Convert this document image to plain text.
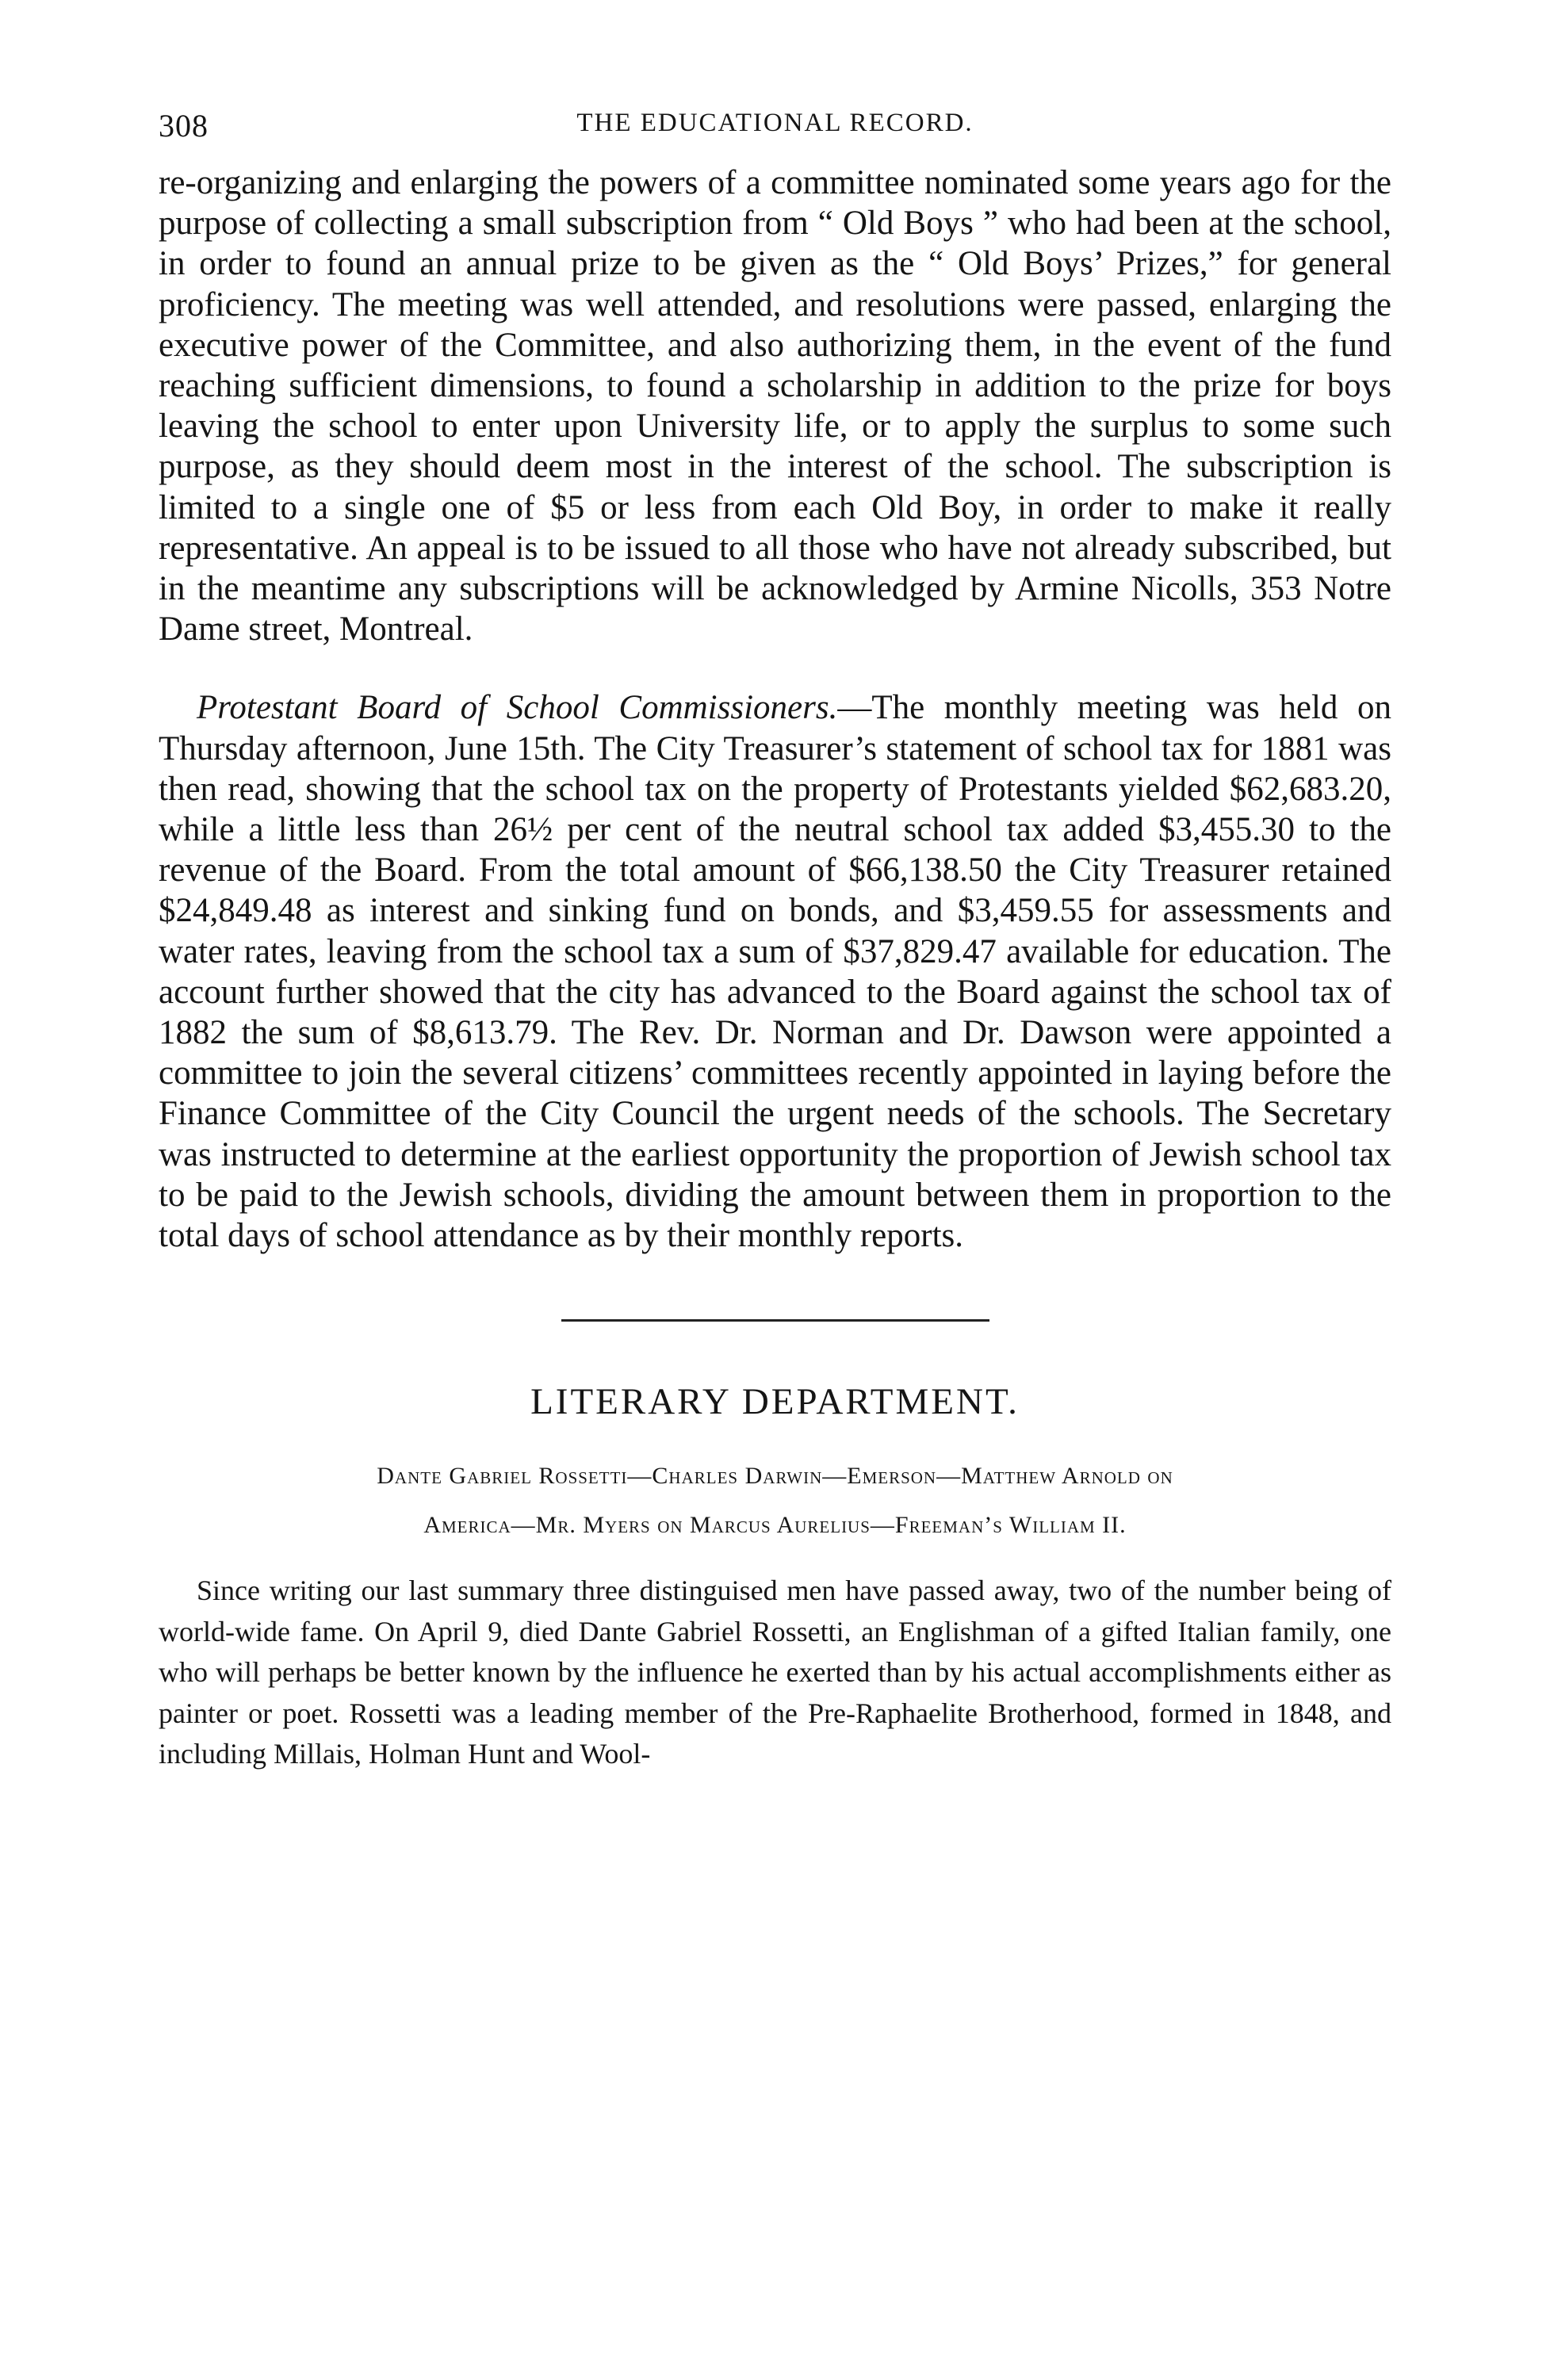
308	THE EDUCATIONAL RECORD.

re-organizing and enlarging the powers of a committee nominated some years ago for the purpose of collecting a small subscription from “ Old Boys ” who had been at the school, in order to found an annual prize to be given as the “ Old Boys’ Prizes,” for general proficiency. The meeting was well attended, and resolutions were passed, enlarging the executive power of the Committee, and also authorizing them, in the event of the fund reaching sufficient dimensions, to found a scholarship in addition to the prize for boys leaving the school to enter upon University life, or to apply the surplus to some such purpose, as they should deem most in the interest of the school. The subscription is limited to a single one of $5 or less from each Old Boy, in order to make it really representative. An appeal is to be issued to all those who have not already subscribed, but in the meantime any subscriptions will be acknowledged by Armine Nicolls, 353 Notre Dame street, Montreal.

Protestant Board of School Commissioners.—The monthly meeting was held on Thursday afternoon, June 15th. The City Treasurer’s statement of school tax for 1881 was then read, showing that the school tax on the property of Protestants yielded $62,683.20, while a little less than 26½ per cent of the neutral school tax added $3,455.30 to the revenue of the Board. From the total amount of $66,138.50 the City Treasurer retained $24,849.48 as interest and sinking fund on bonds, and $3,459.55 for assessments and water rates, leaving from the school tax a sum of $37,829.47 available for education. The account further showed that the city has advanced to the Board against the school tax of 1882 the sum of $8,613.79. The Rev. Dr. Norman and Dr. Dawson were appointed a committee to join the several citizens’ committees recently appointed in laying before the Finance Committee of the City Council the urgent needs of the schools. The Secretary was instructed to determine at the earliest opportunity the proportion of Jewish school tax to be paid to the Jewish schools, dividing the amount between them in proportion to the total days of school attendance as by their monthly reports.

LITERARY DEPARTMENT.
Dante Gabriel Rossetti—Charles Darwin—Emerson—Matthew Arnold on
America—Mr. Myers on Marcus Aurelius—Freeman’s William II.

Since writing our last summary three distinguised men have passed away, two of the number being of world-wide fame. On April 9, died Dante Gabriel Rossetti, an Englishman of a gifted Italian family, one who will perhaps be better known by the influence he exerted than by his actual accomplishments either as painter or poet. Rossetti was a leading member of the Pre-Raphaelite Brotherhood, formed in 1848, and including Millais, Holman Hunt and Wool-
